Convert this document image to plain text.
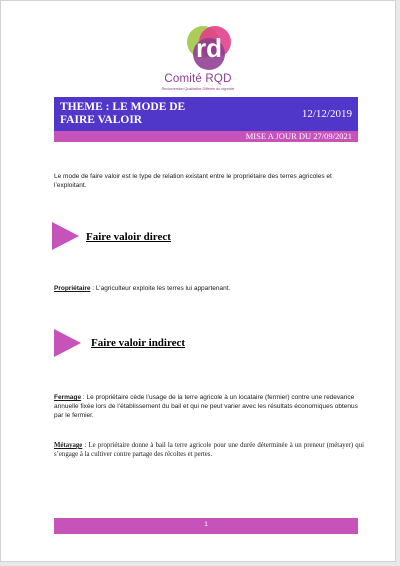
rd
Comité RQD
Reconversion Qualitative Différée du vignoble
THEME : LE MODE DE FAIRE VALOIR	12/12/2019
MISE A JOUR DU 27/09/2021
Le mode de faire valoir est le type de relation existant entre le propriétaire des terres agricoles et l’exploitant.
Faire valoir direct
Propriétaire : L’agriculteur exploite les terres lui appartenant.
Faire valoir indirect
Fermage : Le propriétaire cède l’usage de la terre agricole à un locataire (fermier) contre une redevance annuelle fixée lors de l’établissement du bail et qui ne peut varier avec les résultats économiques obtenus par le fermier.
Métayage : Le propriétaire donne à bail la terre agricole pour une durée déterminée à un preneur (métayer) qui s’engage à la cultiver contre partage des récoltes et pertes.
1
